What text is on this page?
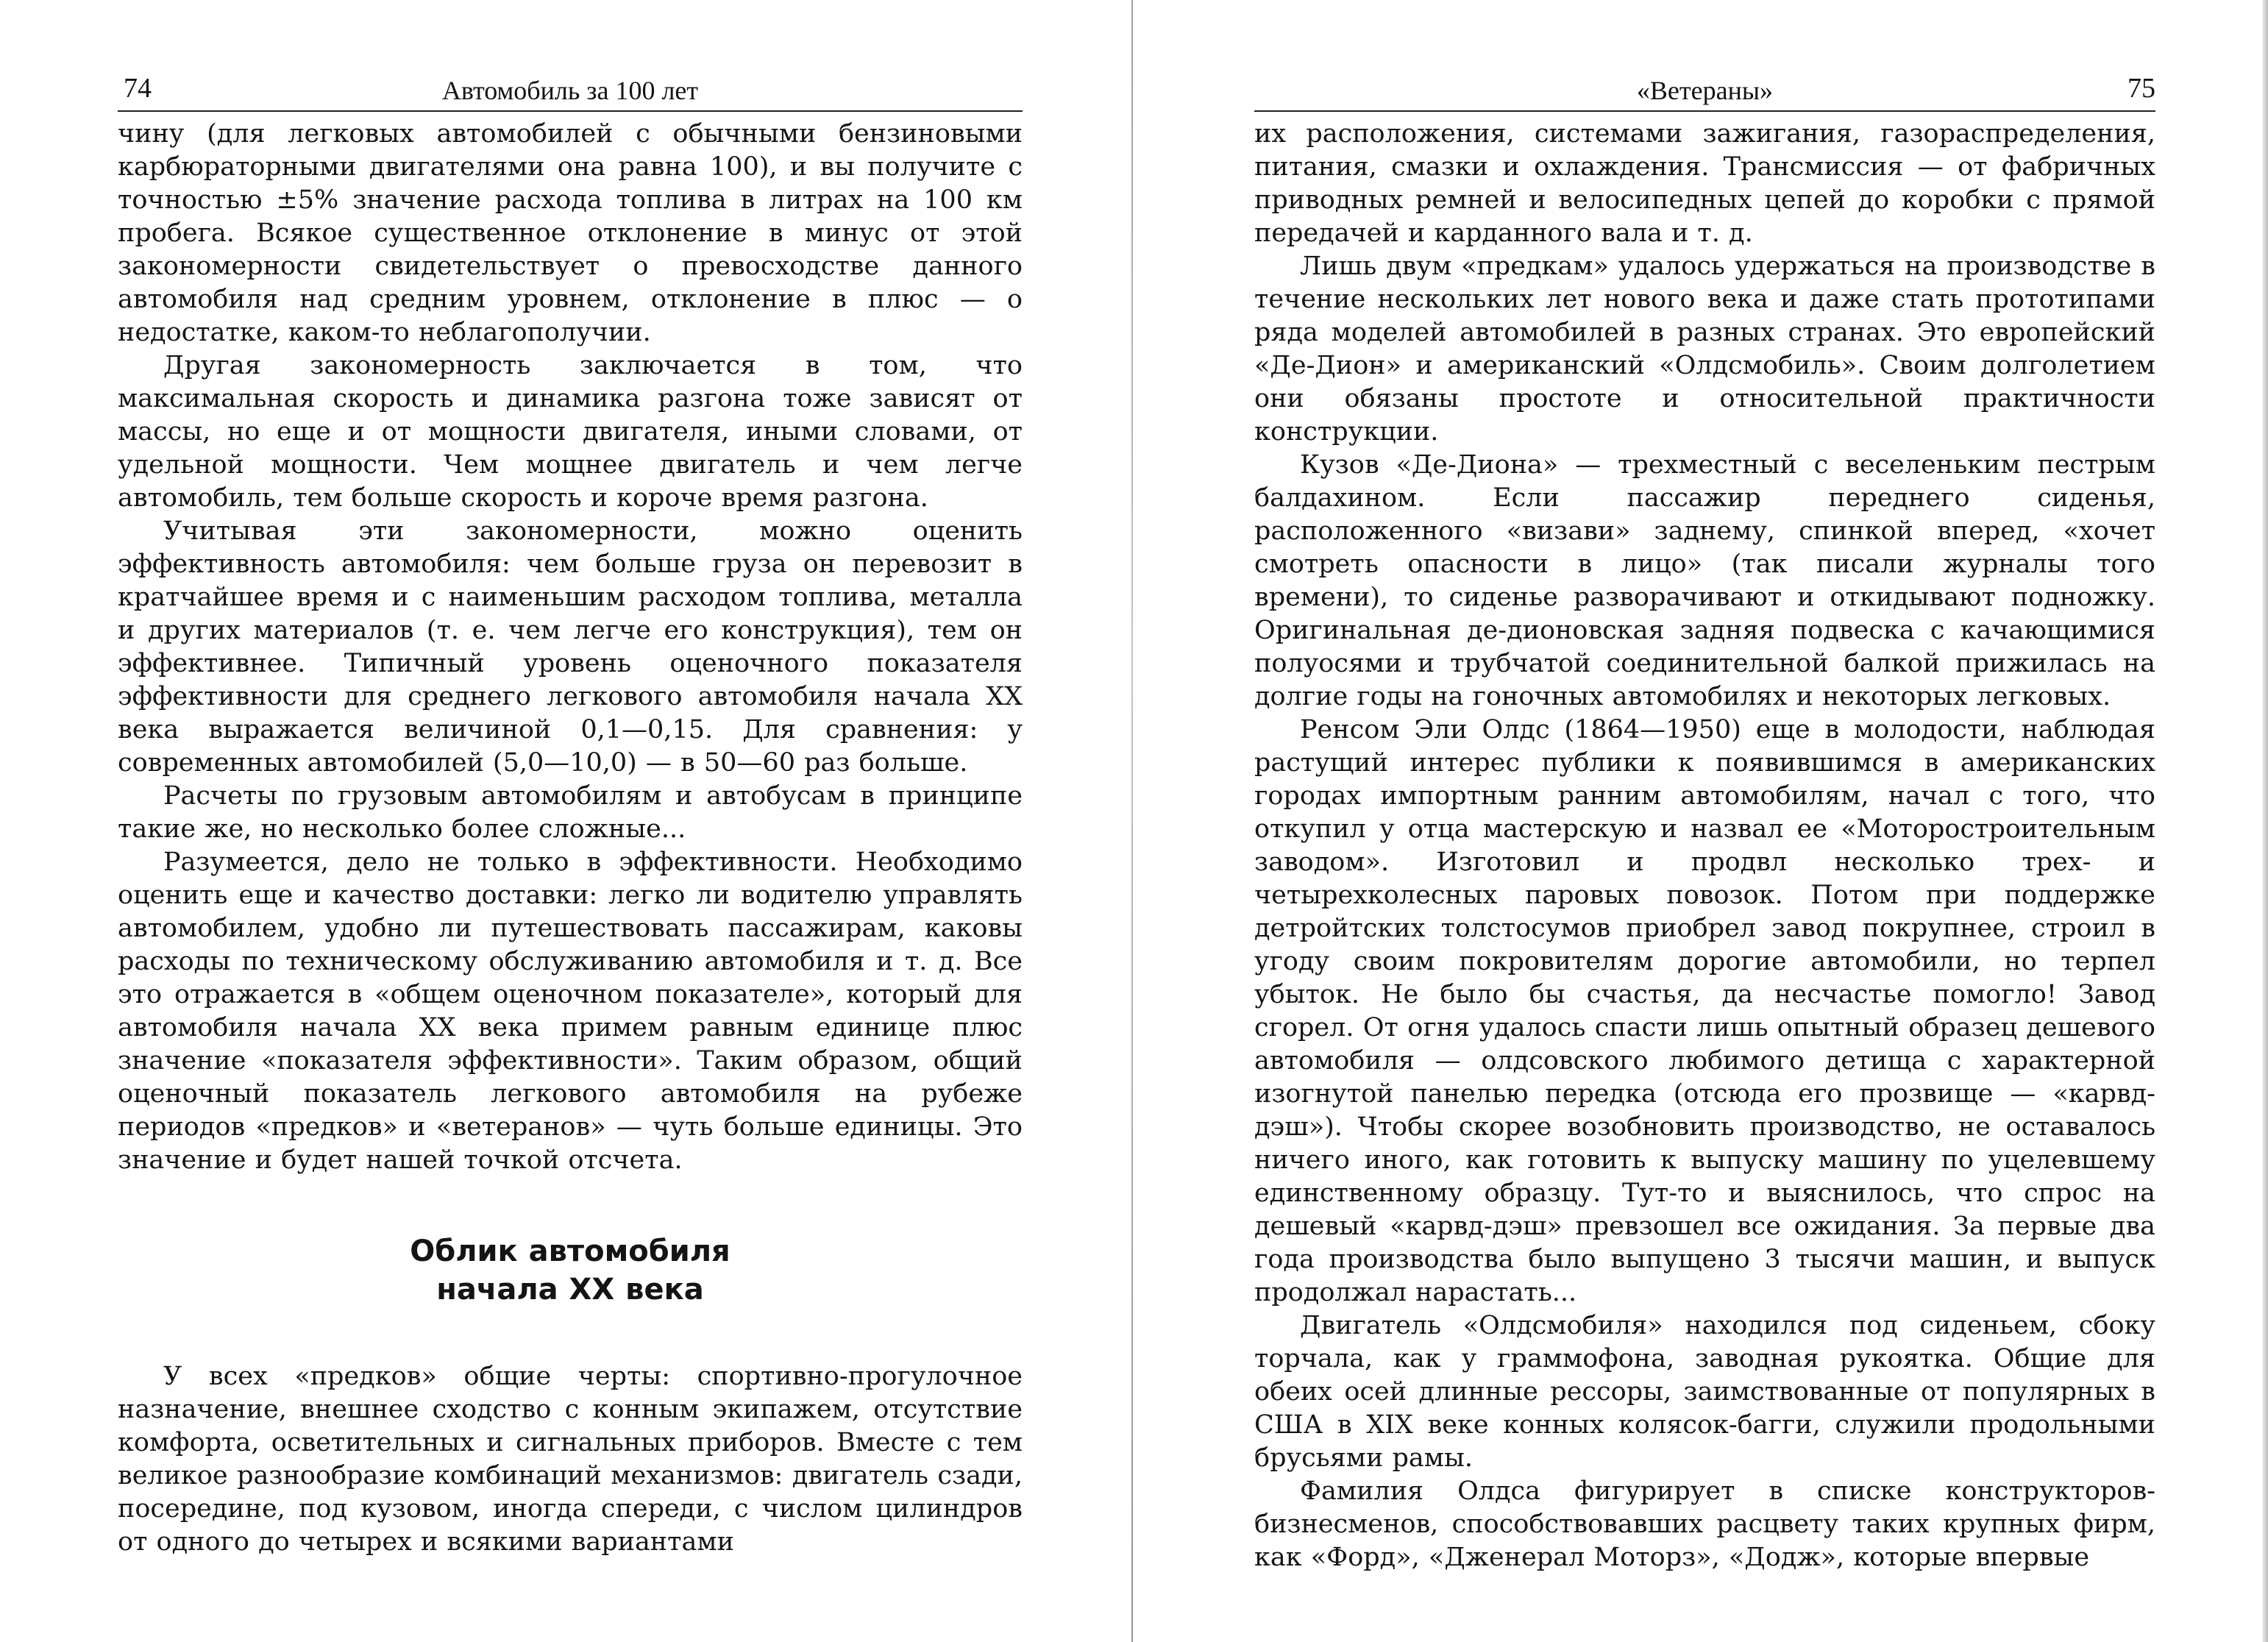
74	Автомобиль за 100 лет

чину (для легковых автомобилей с обычными бензиновыми карбюраторными двигателями она равна 100), и вы получите с точностью ±5% значение расхода топлива в литрах на 100 км пробега. Всякое существенное отклонение в минус от этой закономерности свидетельствует о превосходстве данного автомобиля над средним уровнем, отклонение в плюс — о недостатке, каком-то неблагополучии.

Другая закономерность заключается в том, что максимальная скорость и динамика разгона тоже зависят от массы, но еще и от мощности двигателя, иными словами, от удельной мощности. Чем мощнее двигатель и чем легче автомобиль, тем больше скорость и короче время разгона.

Учитывая эти закономерности, можно оценить эффективность автомобиля: чем больше груза он перевозит в кратчайшее время и с наименьшим расходом топлива, металла и других материалов (т. е. чем легче его конструкция), тем он эффективнее. Типичный уровень оценочного показателя эффективности для среднего легкового автомобиля начала XX века выражается величиной 0,1—0,15. Для сравнения: у современных автомобилей (5,0—10,0) — в 50—60 раз больше.

Расчеты по грузовым автомобилям и автобусам в принципе такие же, но несколько более сложные...

Разумеется, дело не только в эффективности. Необходимо оценить еще и качество доставки: легко ли водителю управлять автомобилем, удобно ли путешествовать пассажирам, каковы расходы по техническому обслуживанию автомобиля и т. д. Все это отражается в «общем оценочном показателе», который для автомобиля начала XX века примем равным единице плюс значение «показателя эффективности». Таким образом, общий оценочный показатель легкового автомобиля на рубеже периодов «предков» и «ветеранов» — чуть больше единицы. Это значение и будет нашей точкой отсчета.

Облик автомобиля
начала XX века

У всех «предков» общие черты: спортивно-прогулочное назначение, внешнее сходство с конным экипажем, отсутствие комфорта, осветительных и сигнальных приборов. Вместе с тем великое разнообразие комбинаций механизмов: двигатель сзади, посередине, под кузовом, иногда спереди, с числом цилиндров от одного до четырех и всякими вариантами

«Ветераны»	75

их расположения, системами зажигания, газораспределения, питания, смазки и охлаждения. Трансмиссия — от фабричных приводных ремней и велосипедных цепей до коробки с прямой передачей и карданного вала и т. д.

Лишь двум «предкам» удалось удержаться на производстве в течение нескольких лет нового века и даже стать прототипами ряда моделей автомобилей в разных странах. Это европейский «Де-Дион» и американский «Олдсмобиль». Своим долголетием они обязаны простоте и относительной практичности конструкции.

Кузов «Де-Диона» — трехместный с веселеньким пестрым балдахином. Если пассажир переднего сиденья, расположенного «визави» заднему, спинкой вперед, «хочет смотреть опасности в лицо» (так писали журналы того времени), то сиденье разворачивают и откидывают подножку. Оригинальная де-дионовская задняя подвеска с качающимися полуосями и трубчатой соединительной балкой прижилась на долгие годы на гоночных автомобилях и некоторых легковых.

Ренсом Эли Олдс (1864—1950) еще в молодости, наблюдая растущий интерес публики к появившимся в американских городах импортным ранним автомобилям, начал с того, что откупил у отца мастерскую и назвал ее «Моторостроительным заводом». Изготовил и продвл несколько трех- и четырехколесных паровых повозок. Потом при поддержке детройтских толстосумов приобрел завод покрупнее, строил в угоду своим покровителям дорогие автомобили, но терпел убыток. Не было бы счастья, да несчастье помогло! Завод сгорел. От огня удалось спасти лишь опытный образец дешевого автомобиля — олдсовского любимого детища с характерной изогнутой панелью передка (отсюда его прозвище — «карвд-дэш»). Чтобы скорее возобновить производство, не оставалось ничего иного, как готовить к выпуску машину по уцелевшему единственному образцу. Тут-то и выяснилось, что спрос на дешевый «карвд-дэш» превзошел все ожидания. За первые два года производства было выпущено 3 тысячи машин, и выпуск продолжал нарастать...

Двигатель «Олдсмобиля» находился под сиденьем, сбоку торчала, как у граммофона, заводная рукоятка. Общие для обеих осей длинные рессоры, заимствованные от популярных в США в XIX веке конных колясок-багги, служили продольными брусьями рамы.

Фамилия Олдса фигурирует в списке конструкторов-бизнесменов, способствовавших расцвету таких крупных фирм, как «Форд», «Дженерал Моторз», «Додж», которые впервые
